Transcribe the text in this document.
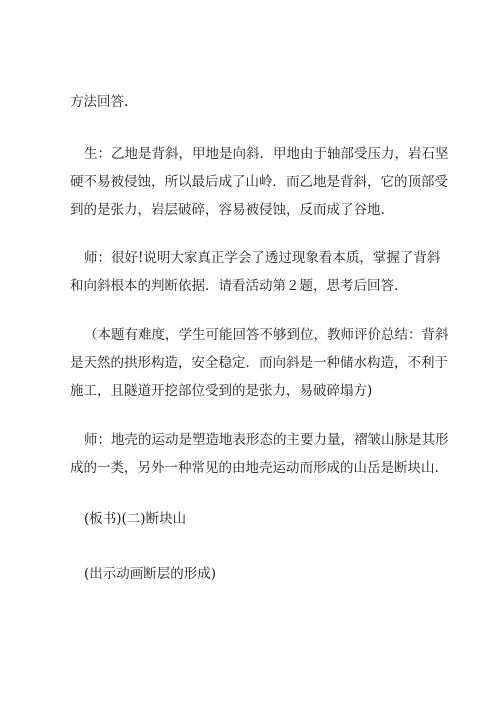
方法回答.
生：乙地是背斜，甲地是向斜．甲地由于轴部受压力，岩石坚
硬不易被侵蚀，所以最后成了山岭．而乙地是背斜，它的顶部受
到的是张力，岩层破碎，容易被侵蚀，反而成了谷地.
师：很好!说明大家真正学会了透过现象看本质，掌握了背斜
和向斜根本的判断依据．请看活动第２题，思考后回答.
（本题有难度，学生可能回答不够到位，教师评价总结：背斜
是天然的拱形构造，安全稳定．而向斜是一种储水构造，不利于
施工，且隧道开挖部位受到的是张力，易破碎塌方)
师：地壳的运动是塑造地表形态的主要力量，褶皱山脉是其形
成的一类，另外一种常见的由地壳运动而形成的山岳是断块山.
(板书)(二)断块山
(出示动画断层的形成)
